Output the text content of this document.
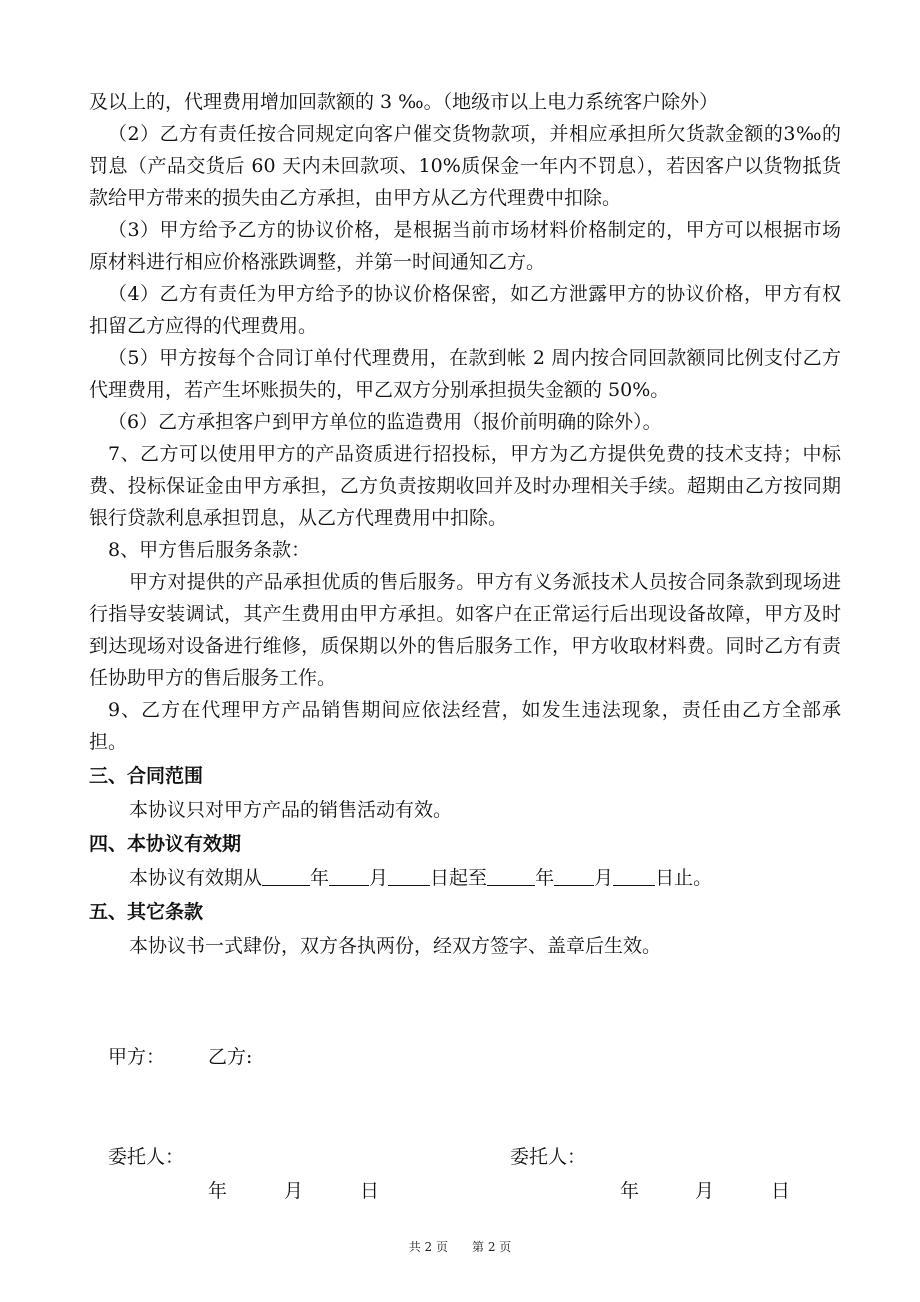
及以上的，代理费用增加回款额的 3 ‰。（地级市以上电力系统客户除外）

（2）乙方有责任按合同规定向客户催交货物款项，并相应承担所欠货款金额的3‰的罚息（产品交货后 60 天内未回款项、10%质保金一年内不罚息），若因客户以货物抵货款给甲方带来的损失由乙方承担，由甲方从乙方代理费中扣除。

（3）甲方给予乙方的协议价格，是根据当前市场材料价格制定的，甲方可以根据市场原材料进行相应价格涨跌调整，并第一时间通知乙方。

（4）乙方有责任为甲方给予的协议价格保密，如乙方泄露甲方的协议价格，甲方有权扣留乙方应得的代理费用。

（5）甲方按每个合同订单付代理费用，在款到帐 2 周内按合同回款额同比例支付乙方代理费用，若产生坏账损失的，甲乙双方分别承担损失金额的 50%。

（6）乙方承担客户到甲方单位的监造费用（报价前明确的除外）。

7、乙方可以使用甲方的产品资质进行招投标，甲方为乙方提供免费的技术支持；中标费、投标保证金由甲方承担，乙方负责按期收回并及时办理相关手续。超期由乙方按同期银行贷款利息承担罚息，从乙方代理费用中扣除。

8、甲方售后服务条款：

甲方对提供的产品承担优质的售后服务。甲方有义务派技术人员按合同条款到现场进行指导安装调试，其产生费用由甲方承担。如客户在正常运行后出现设备故障，甲方及时到达现场对设备进行维修，质保期以外的售后服务工作，甲方收取材料费。同时乙方有责任协助甲方的售后服务工作。

9、乙方在代理甲方产品销售期间应依法经营，如发生违法现象，责任由乙方全部承担。

三、合同范围

本协议只对甲方产品的销售活动有效。

四、本协议有效期

本协议有效期从	年 月 日起至	年 月 日止。

五、其它条款

本协议书一式肆份，双方各执两份，经双方签字、盖章后生效。

甲方： 乙方:
委托人：	委托人：
年	月	日	年	月	日
共 2 页 第 2 页
